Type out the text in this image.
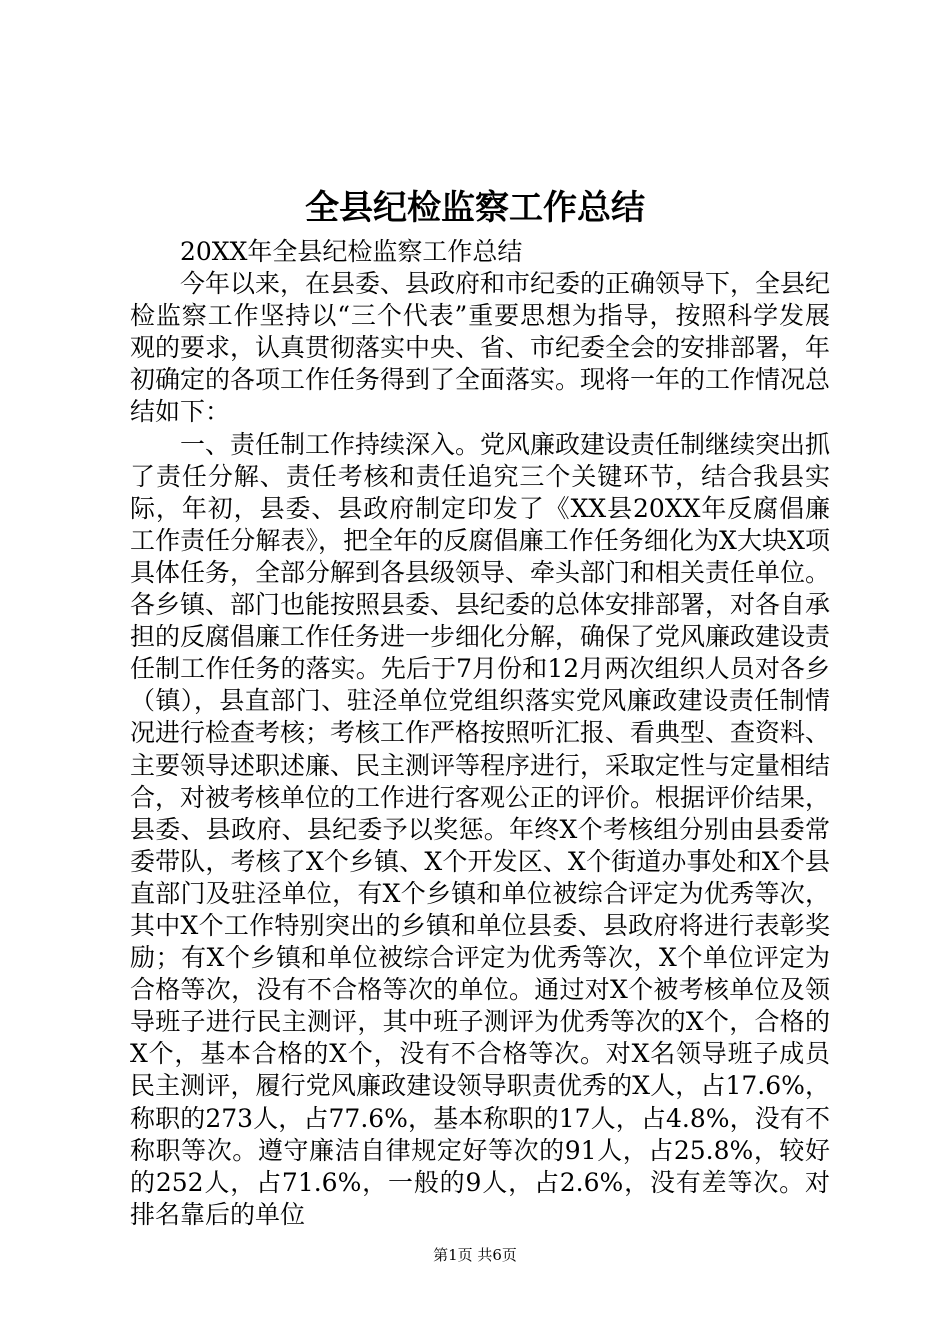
全县纪检监察工作总结

20XX年全县纪检监察工作总结

今年以来，在县委、县政府和市纪委的正确领导下，全县纪检监察工作坚持以“三个代表”重要思想为指导，按照科学发展观的要求，认真贯彻落实中央、省、市纪委全会的安排部署，年初确定的各项工作任务得到了全面落实。现将一年的工作情况总结如下：

一、责任制工作持续深入。党风廉政建设责任制继续突出抓了责任分解、责任考核和责任追究三个关键环节，结合我县实际，年初，县委、县政府制定印发了《XX县20XX年反腐倡廉工作责任分解表》，把全年的反腐倡廉工作任务细化为X大块X项具体任务，全部分解到各县级领导、牵头部门和相关责任单位。各乡镇、部门也能按照县委、县纪委的总体安排部署，对各自承担的反腐倡廉工作任务进一步细化分解，确保了党风廉政建设责任制工作任务的落实。先后于7月份和12月两次组织人员对各乡（镇），县直部门、驻泾单位党组织落实党风廉政建设责任制情况进行检查考核；考核工作严格按照听汇报、看典型、查资料、主要领导述职述廉、民主测评等程序进行，采取定性与定量相结合，对被考核单位的工作进行客观公正的评价。根据评价结果，县委、县政府、县纪委予以奖惩。年终X个考核组分别由县委常委带队，考核了X个乡镇、X个开发区、X个街道办事处和X个县直部门及驻泾单位，有X个乡镇和单位被综合评定为优秀等次，其中X个工作特别突出的乡镇和单位县委、县政府将进行表彰奖励；有X个乡镇和单位被综合评定为优秀等次，X个单位评定为合格等次，没有不合格等次的单位。通过对X个被考核单位及领导班子进行民主测评，其中班子测评为优秀等次的X个，合格的X个，基本合格的X个，没有不合格等次。对X名领导班子成员民主测评，履行党风廉政建设领导职责优秀的X人，占17.6%，称职的273人，占77.6%，基本称职的17人，占4.8%，没有不称职等次。遵守廉洁自律规定好等次的91人，占25.8%，较好的252人，占71.6%，一般的9人，占2.6%，没有差等次。对排名靠后的单位

第1页 共6页
